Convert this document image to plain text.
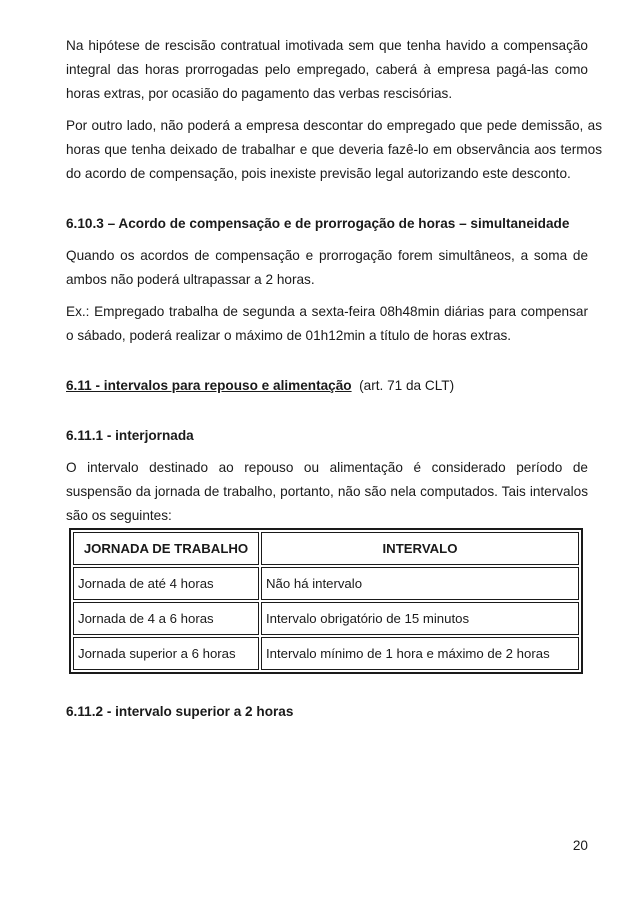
Na hipótese de rescisão contratual imotivada sem que tenha havido a compensação integral das horas prorrogadas pelo empregado, caberá à empresa pagá-las como horas extras, por ocasião do pagamento das verbas rescisórias.

Por outro lado, não poderá a empresa descontar do empregado que pede demissão, as horas que tenha deixado de trabalhar e que deveria fazê-lo em observância aos termos do acordo de compensação, pois inexiste previsão legal autorizando este desconto.

6.10.3 – Acordo de compensação e de prorrogação de horas – simultaneidade

Quando os acordos de compensação e prorrogação forem simultâneos, a soma de ambos não poderá ultrapassar a 2 horas.

Ex.: Empregado trabalha de segunda a sexta-feira 08h48min diárias para compensar o sábado, poderá realizar o máximo de 01h12min a título de horas extras.

6.11 - intervalos para repouso e alimentação (art. 71 da CLT)
6.11.1 - interjornada

O intervalo destinado ao repouso ou alimentação é considerado período de suspensão da jornada de trabalho, portanto, não são nela computados. Tais intervalos são os seguintes:

JORNADA DE TRABALHO	INTERVALO
Jornada de até 4 horas	Não há intervalo
Jornada de 4 a 6 horas	Intervalo obrigatório de 15 minutos
Jornada superior a 6 horas	Intervalo mínimo de 1 hora e máximo de 2 horas
6.11.2 - intervalo superior a 2 horas
20
